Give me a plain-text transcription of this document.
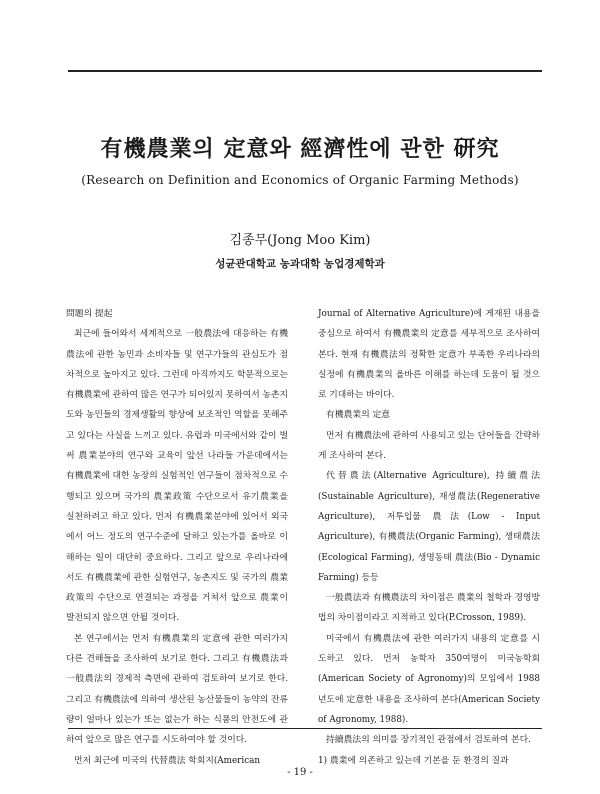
有機農業의 定意와 經濟性에 관한 研究
(Research on Definition and Economics of Organic Farming Methods)
김종무(Jong Moo Kim)
성균관대학교 농과대학 농업경제학과

問題의 提起

최근에 들어와서 세계적으로 一般農法에 대응하는 有機農法에 관한 농민과 소비자들 및 연구가들의 관심도가 점차적으로 높아지고 있다. 그런데 아직까지도 학문적으로는 有機農業에 관하여 많은 연구가 되어있지 못하여서 농촌지도와 농민들의 경제생활의 향상에 보조적인 역할을 못해주고 있다는 사실을 느끼고 있다. 유럽과 미국에서와 같이 벌써 農業분야의 연구와 교육이 앞선 나라들 가운데에서는 有機農業에 대한 농장의 실험적인 연구들이 점차적으로 수행되고 있으며 국가의 農業政策 수단으로서 유기農業을 실천하려고 하고 있다. 먼저 有機農業분야에 있어서 외국에서 어느 정도의 연구수준에 달하고 있는가를 올바로 이해하는 일이 대단히 중요하다. 그리고 앞으로 우리나라에서도 有機農業에 관한 실험연구, 농촌지도 및 국가의 農業政策의 수단으로 연결되는 과정을 거쳐서 앞으로 農業이 발전되지 않으면 안될 것이다.

본 연구에서는 먼저 有機農業의 定意에 관한 여러가지 다른 견해들을 조사하여 보기로 한다. 그리고 有機農法과 一般農法의 경제적 측면에 관하여 검토하여 보기로 한다. 그리고 有機農法에 의하여 생산된 농산물들이 농약의 잔류량이 얼마나 있는가 또는 없는가 하는 식품의 안전도에 관하여 앞으로 많은 연구를 시도하여야 할 것이다.

먼저 최근에 미국의 代替農法 학회지(American

Journal of Alternative Agriculture)에 게재된 내용을 중심으로 하여서 有機農業의 定意를 세부적으로 조사하여 본다. 현재 有機農法의 정확한 定意가 부족한 우리나라의 실정에 有機農業의 올바른 이해를 하는데 도움이 될 것으로 기대하는 바이다.

有機農業의 定意

먼저 有機農法에 관하여 사용되고 있는 단어들을 간략하게 조사하여 본다.

代替農法(Alternative Agriculture), 持續農法(Sustainable Agriculture), 재생農法(Regenerative Agriculture), 저투입물 農法(Low - Input Agriculture), 有機農法(Organic Farming), 생태農法(Ecological Farming), 생명동태 農法(Bio - Dynamic Farming) 등등

一般農法과 有機農法의 차이점은 農業의 철학과 경영방법의 차이점이라고 지적하고 있다(P.Crosson, 1989).

미국에서 有機農法에 관한 여러가지 내용의 定意를 시도하고 있다. 먼저 농학자 350여명이 미국농학회(American Society of Agronomy)의 모임에서 1988년도에 定意한 내용을 조사하여 본다(American Society of Agronomy, 1988).

持續農法의 의미를 장기적인 관점에서 검토하여 본다.

1) 農業에 의존하고 있는데 기본을 둔 환경의 질과

- 19 -
